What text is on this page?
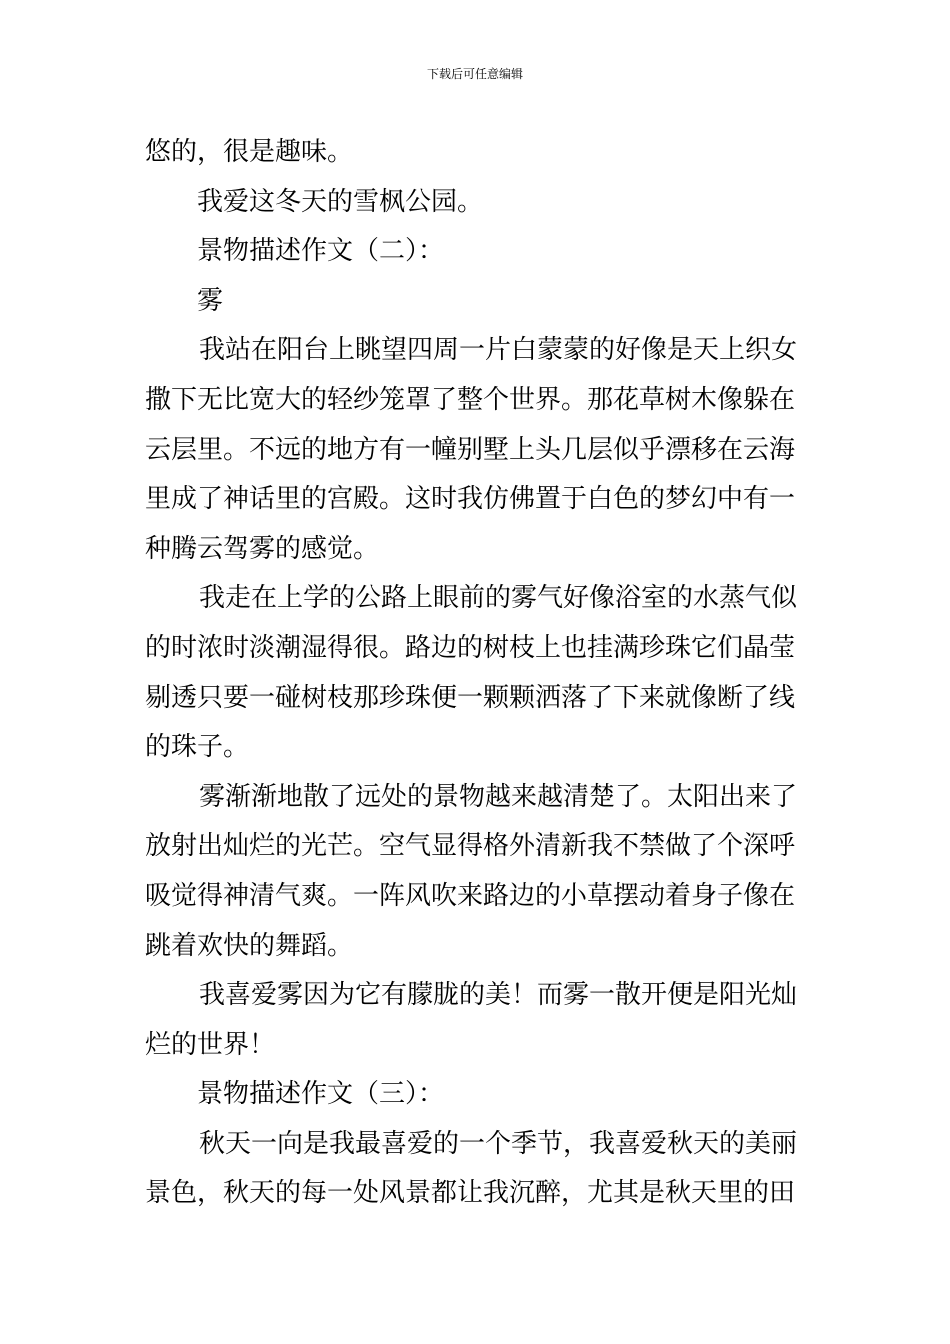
下载后可任意编辑
悠的，很是趣味。
我爱这冬天的雪枫公园。
景物描述作文（二）：
雾
我站在阳台上眺望四周一片白蒙蒙的好像是天上织女
撒下无比宽大的轻纱笼罩了整个世界。那花草树木像躲在
云层里。不远的地方有一幢别墅上头几层似乎漂移在云海
里成了神话里的宫殿。这时我仿佛置于白色的梦幻中有一
种腾云驾雾的感觉。
我走在上学的公路上眼前的雾气好像浴室的水蒸气似
的时浓时淡潮湿得很。路边的树枝上也挂满珍珠它们晶莹
剔透只要一碰树枝那珍珠便一颗颗洒落了下来就像断了线
的珠子。
雾渐渐地散了远处的景物越来越清楚了。太阳出来了
放射出灿烂的光芒。空气显得格外清新我不禁做了个深呼
吸觉得神清气爽。一阵风吹来路边的小草摆动着身子像在
跳着欢快的舞蹈。
我喜爱雾因为它有朦胧的美！而雾一散开便是阳光灿
烂的世界！
景物描述作文（三）：
秋天一向是我最喜爱的一个季节，我喜爱秋天的美丽
景色，秋天的每一处风景都让我沉醉，尤其是秋天里的田
